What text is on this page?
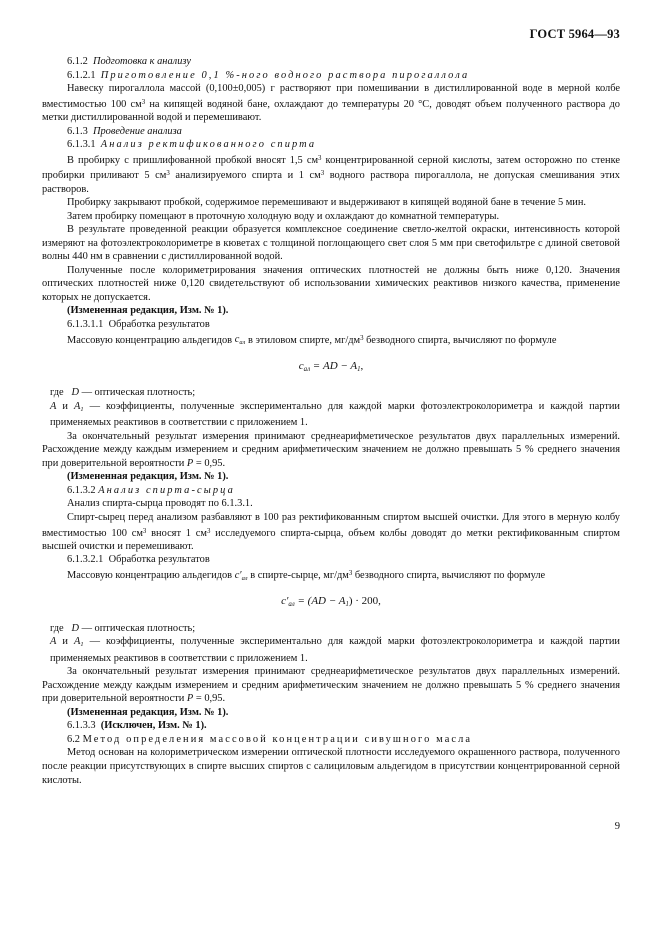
ГОСТ 5964—93

6.1.2 Подготовка к анализу

6.1.2.1 Приготовление 0,1 %-ного водного раствора пирогаллола

Навеску пирогаллола массой (0,100±0,005) г растворяют при помешивании в дистиллированной воде в мерной колбе вместимостью 100 $см^3$ на кипящей водяной бане, охлаждают до температуры 20 °С, доводят объем полученного раствора до метки дистиллированной водой и перемешивают.

6.1.3 Проведение анализа

6.1.3.1 Анализ ректификованного спирта

В пробирку с пришлифованной пробкой вносят 1,5 $см^3$ концентрированной серной кислоты, затем осторожно по стенке пробирки приливают 5 $см^3$ анализируемого спирта и 1 $см^3$ водного раствора пирогаллола, не допуская смешивания этих растворов.

Пробирку закрывают пробкой, содержимое перемешивают и выдерживают в кипящей водяной бане в течение 5 мин.

Затем пробирку помещают в проточную холодную воду и охлаждают до комнатной температуры.

В результате проведенной реакции образуется комплексное соединение светло-желтой окраски, интенсивность которой измеряют на фотоэлектроколориметре в кюветах с толщиной поглощающего свет слоя 5 мм при светофильтре с длиной световой волны 440 нм в сравнении с дистиллированной водой.

Полученные после колориметрирования значения оптических плотностей не должны быть ниже 0,120. Значения оптических плотностей ниже 0,120 свидетельствуют об использовании химических реактивов низкого качества, применение которых не допускается.

(Измененная редакция, Изм. № 1).

6.1.3.1.1 Обработка результатов

Массовую концентрацию альдегидов $c_{ал}$ в этиловом спирте, $мг/дм^3$ безводного спирта, вычисляют по формуле

$c_{ал}$ = AD − $A_1$,

где D — оптическая плотность;

A и $A_1$ — коэффициенты, полученные экспериментально для каждой марки фотоэлектроколориметра и каждой партии применяемых реактивов в соответствии с приложением 1.

За окончательный результат измерения принимают среднеарифметическое результатов двух параллельных измерений. Расхождение между каждым измерением и средним арифметическим значением не должно превышать 5 % среднего значения при доверительной вероятности P = 0,95.

(Измененная редакция, Изм. № 1).

6.1.3.2 Анализ спирта-сырца

Анализ спирта-сырца проводят по 6.1.3.1.

Спирт-сырец перед анализом разбавляют в 100 раз ректификованным спиртом высшей очистки. Для этого в мерную колбу вместимостью 100 $см^3$ вносят 1 $см^3$ исследуемого спирта-сырца, объем колбы доводят до метки ректификованным спиртом высшей очистки и перемешивают.

6.1.3.2.1 Обработка результатов

Массовую концентрацию альдегидов $c'_{ал}$ в спирте-сырце, $мг/дм^3$ безводного спирта, вычисляют по формуле

$c'_{ал} = (AD - A_1) \cdot 200$,

где D — оптическая плотность;

A и $A_1$ — коэффициенты, полученные экспериментально для каждой марки фотоэлектроколориметра и каждой партии применяемых реактивов в соответствии с приложением 1.

За окончательный результат измерения принимают среднеарифметическое результатов двух параллельных измерений. Расхождение между каждым измерением и средним арифметическим значением не должно превышать 5 % среднего значения при доверительной вероятности P = 0,95.

(Измененная редакция, Изм. № 1).

6.1.3.3 (Исключен, Изм. № 1).

6.2 Метод определения массовой концентрации сивушного масла

Метод основан на колориметрическом измерении оптической плотности исследуемого окрашенного раствора, полученного после реакции присутствующих в спирте высших спиртов с салициловым альдегидом в присутствии концентрированной серной кислоты.

9
